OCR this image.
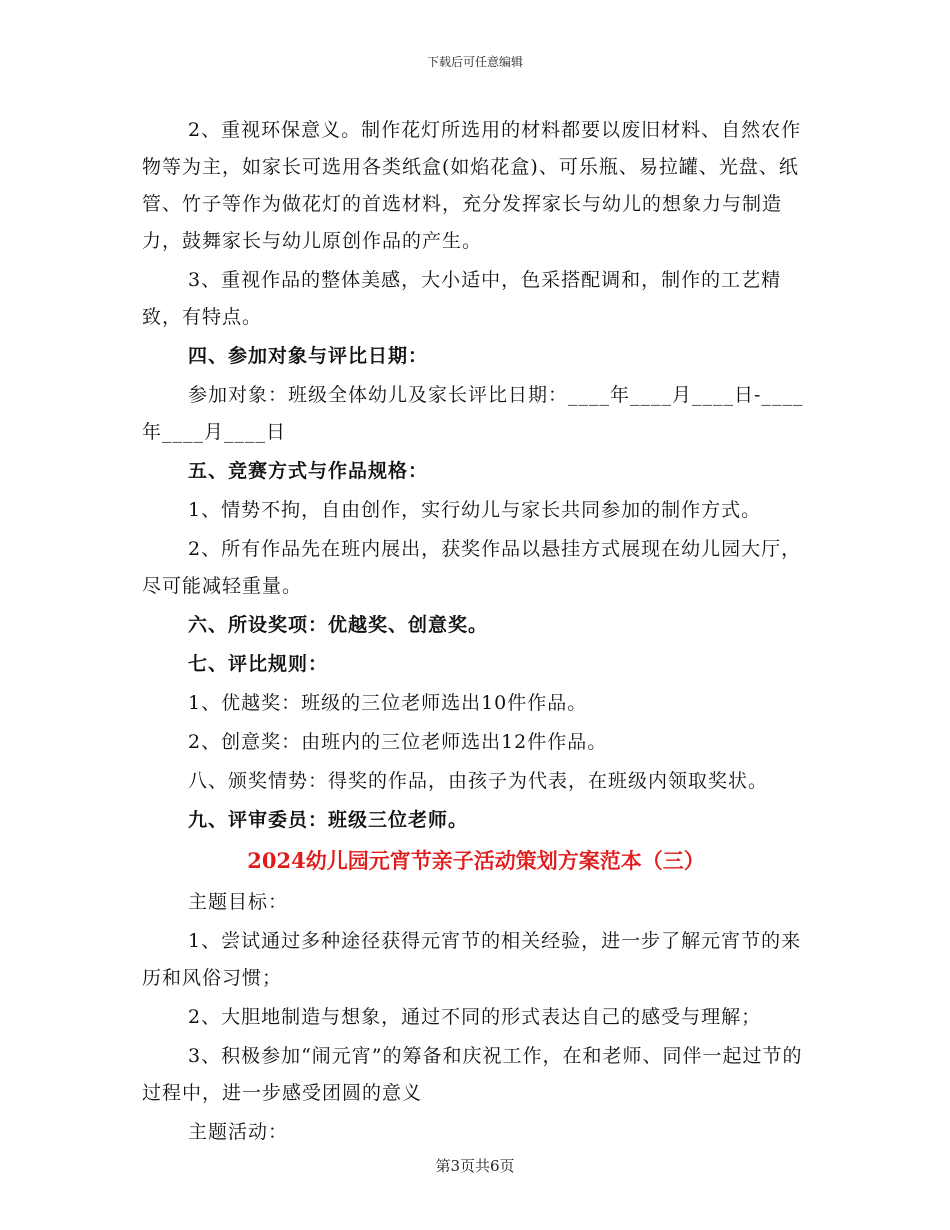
下载后可任意编辑

2、重视环保意义。制作花灯所选用的材料都要以废旧材料、自然农作物等为主，如家长可选用各类纸盒(如焰花盒)、可乐瓶、易拉罐、光盘、纸管、竹子等作为做花灯的首选材料，充分发挥家长与幼儿的想象力与制造力，鼓舞家长与幼儿原创作品的产生。

3、重视作品的整体美感，大小适中，色采搭配调和，制作的工艺精致，有特点。

四、参加对象与评比日期：

参加对象：班级全体幼儿及家长评比日期：____年____月____日-____年____月____日

五、竞赛方式与作品规格：

1、情势不拘，自由创作，实行幼儿与家长共同参加的制作方式。

2、所有作品先在班内展出，获奖作品以悬挂方式展现在幼儿园大厅，尽可能减轻重量。

六、所设奖项：优越奖、创意奖。

七、评比规则：

1、优越奖：班级的三位老师选出10件作品。

2、创意奖：由班内的三位老师选出12件作品。

八、颁奖情势：得奖的作品，由孩子为代表，在班级内领取奖状。

九、评审委员：班级三位老师。

2024幼儿园元宵节亲子活动策划方案范本（三）

主题目标：

1、尝试通过多种途径获得元宵节的相关经验，进一步了解元宵节的来历和风俗习惯；

2、大胆地制造与想象，通过不同的形式表达自己的感受与理解；

3、积极参加“闹元宵”的筹备和庆祝工作，在和老师、同伴一起过节的过程中，进一步感受团圆的意义

主题活动：

第3页共6页
